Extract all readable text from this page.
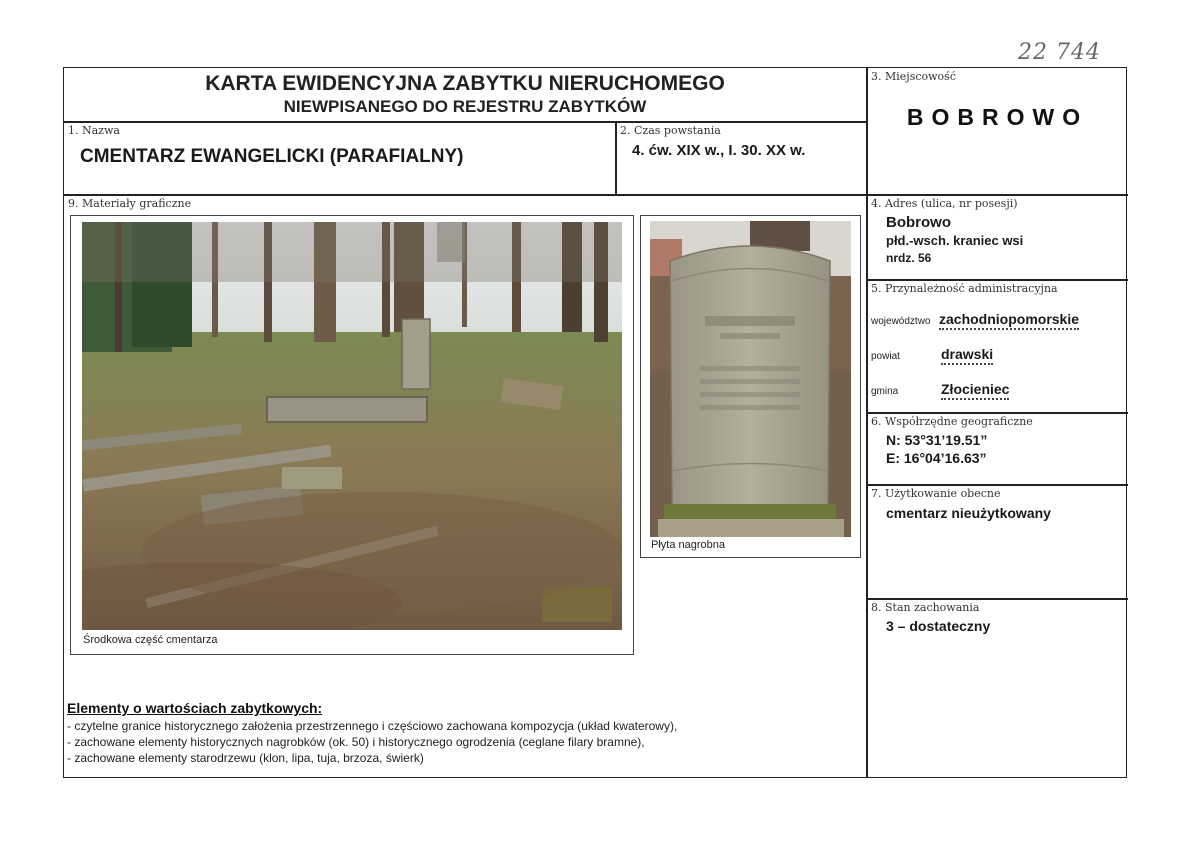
22 744
KARTA EWIDENCYJNA ZABYTKU NIERUCHOMEGO
NIEWPISANEGO DO REJESTRU ZABYTKÓW
1. Nazwa
CMENTARZ EWANGELICKI (PARAFIALNY)
2. Czas powstania
4. ćw. XIX w., I. 30. XX w.
3. Miejscowość
BOBROWO
4. Adres (ulica, nr posesji)
Bobrowo
płd.-wsch. kraniec wsi
nrdz. 56
5. Przynależność administracyjna
województwo zachodniopomorskie
powiat	drawski
gmina	Złocieniec
6. Współrzędne geograficzne
N: 53°31’19.51”
E: 16°04’16.63”
7. Użytkowanie obecne
cmentarz nieużytkowany
8. Stan zachowania
3 – dostateczny
9. Materiały graficzne
Środkowa część cmentarza
Płyta nagrobna
Elementy o wartościach zabytkowych:
- czytelne granice historycznego założenia przestrzennego i częściowo zachowana kompozycja (układ kwaterowy),
- zachowane elementy historycznych nagrobków (ok. 50) i historycznego ogrodzenia (ceglane filary bramne),
- zachowane elementy starodrzewu (klon, lipa, tuja, brzoza, świerk)
